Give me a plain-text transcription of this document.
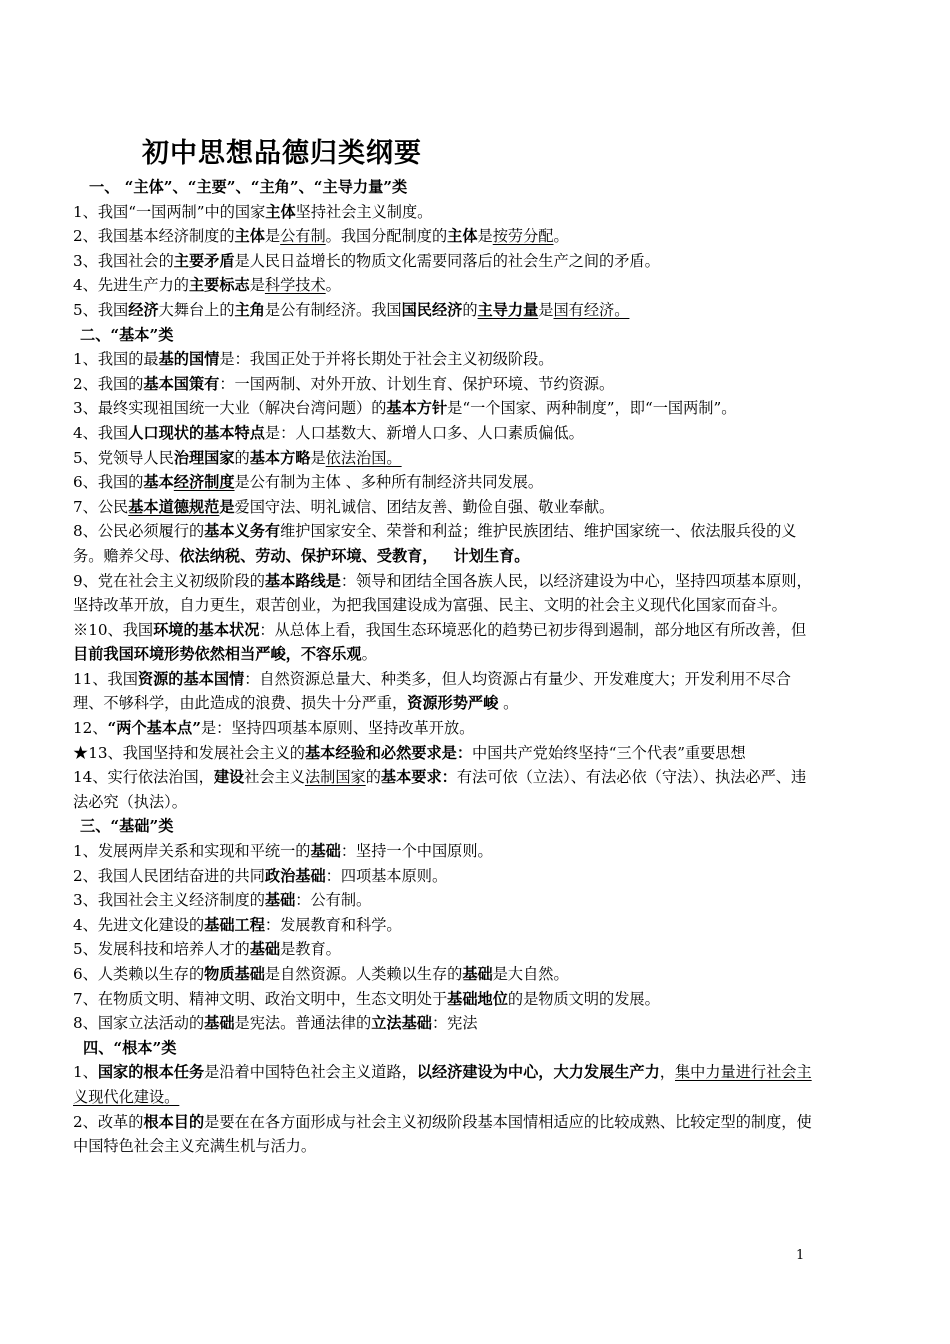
初中思想品德归类纲要
一、 “主体”、“主要”、“主角”、“主导力量”类
1、我国“一国两制”中的国家主体坚持社会主义制度。
2、我国基本经济制度的主体是公有制。我国分配制度的主体是按劳分配。
3、我国社会的主要矛盾是人民日益增长的物质文化需要同落后的社会生产之间的矛盾。
4、先进生产力的主要标志是科学技术。
5、我国经济大舞台上的主角是公有制经济。我国国民经济的主导力量是国有经济。
二、“基本”类
1、我国的最基的国情是：我国正处于并将长期处于社会主义初级阶段。
2、我国的基本国策有：一国两制、对外开放、计划生育、保护环境、节约资源。
3、最终实现祖国统一大业（解决台湾问题）的基本方针是“一个国家、两种制度”，即“一国两制”。
4、我国人口现状的基本特点是：人口基数大、新增人口多、人口素质偏低。
5、党领导人民治理国家的基本方略是依法治国。
6、我国的基本经济制度是公有制为主体 、多种所有制经济共同发展。
7、公民基本道德规范是爱国守法、明礼诚信、团结友善、勤俭自强、敬业奉献。
8、公民必须履行的基本义务有维护国家安全、荣誉和利益；维护民族团结、维护国家统一、依法服兵役的义务。赡养父母、依法纳税、劳动、保护环境、受教育， 计划生育。
9、党在社会主义初级阶段的基本路线是：领导和团结全国各族人民，以经济建设为中心，坚持四项基本原则，坚持改革开放，自力更生，艰苦创业，为把我国建设成为富强、民主、文明的社会主义现代化国家而奋斗。
※10、我国环境的基本状况：从总体上看，我国生态环境恶化的趋势已初步得到遏制，部分地区有所改善，但目前我国环境形势依然相当严峻，不容乐观。
11、我国资源的基本国情：自然资源总量大、种类多，但人均资源占有量少、开发难度大；开发利用不尽合理、不够科学，由此造成的浪费、损失十分严重，资源形势严峻 。
12、“两个基本点”是：坚持四项基本原则、坚持改革开放。
★13、我国坚持和发展社会主义的基本经验和必然要求是：中国共产党始终坚持“三个代表”重要思想
14、实行依法治国，建设社会主义法制国家的基本要求：有法可依（立法）、有法必依（守法）、执法必严、违法必究（执法）。
三、“基础”类
1、发展两岸关系和实现和平统一的基础：坚持一个中国原则。
2、我国人民团结奋进的共同政治基础：四项基本原则。
3、我国社会主义经济制度的基础：公有制。
4、先进文化建设的基础工程：发展教育和科学。
5、发展科技和培养人才的基础是教育。
6、人类赖以生存的物质基础是自然资源。人类赖以生存的基础是大自然。
7、在物质文明、精神文明、政治文明中，生态文明处于基础地位的是物质文明的发展。
8、国家立法活动的基础是宪法。普通法律的立法基础：宪法
四、“根本”类
1、国家的根本任务是沿着中国特色社会主义道路，以经济建设为中心，大力发展生产力，集中力量进行社会主义现代化建设。
2、改革的根本目的是要在在各方面形成与社会主义初级阶段基本国情相适应的比较成熟、比较定型的制度，使中国特色社会主义充满生机与活力。
1
